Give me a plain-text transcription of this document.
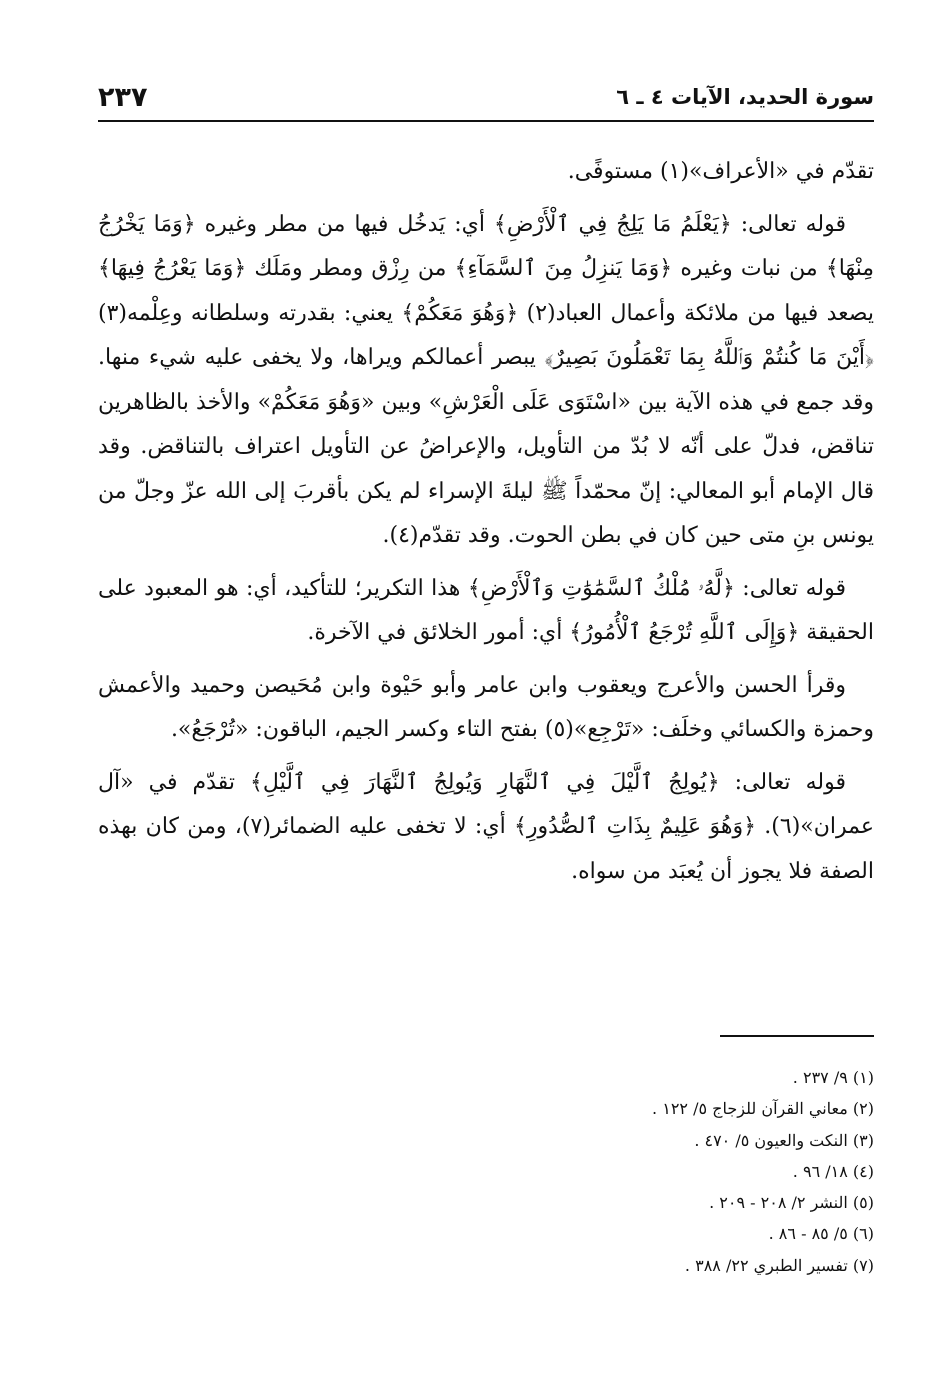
سورة الحديد، الآيات ٤ ـ ٦
٢٣٧

تقدّم في «الأعراف»(١) مستوفًى.

قوله تعالى: ﴿يَعْلَمُ مَا يَلِجُ فِي ٱلْأَرْضِ﴾ أي: يَدخُل فيها من مطر وغيره ﴿وَمَا يَخْرُجُ مِنْهَا﴾ من نبات وغيره ﴿وَمَا يَنزِلُ مِنَ ٱلسَّمَآءِ﴾ من رِزْق ومطر ومَلَك ﴿وَمَا يَعْرُجُ فِيهَا﴾ يصعد فيها من ملائكة وأعمال العباد(٢) ﴿وَهُوَ مَعَكُمْ﴾ يعني: بقدرته وسلطانه وعِلْمه(٣) ﴿أَيْنَ مَا كُنتُمْ وَٱللَّهُ بِمَا تَعْمَلُونَ بَصِيرٌ﴾ يبصر أعمالكم ويراها، ولا يخفى عليه شيء منها. وقد جمع في هذه الآية بين «اسْتَوَى عَلَى الْعَرْشِ» وبين «وَهُوَ مَعَكُمْ» والأخذ بالظاهرين تناقض، فدلّ على أنّه لا بُدّ من التأويل، والإعراضُ عن التأويل اعتراف بالتناقض. وقد قال الإمام أبو المعالي: إنّ محمّداً ﷺ ليلةَ الإسراء لم يكن بأقربَ إلى الله عزّ وجلّ من يونس بنِ متى حين كان في بطن الحوت. وقد تقدّم(٤).

قوله تعالى: ﴿لَّهُۥ مُلْكُ ٱلسَّمَٰوَٰتِ وَٱلْأَرْضِ﴾ هذا التكرير؛ للتأكيد، أي: هو المعبود على الحقيقة ﴿وَإِلَى ٱللَّهِ تُرْجَعُ ٱلْأُمُورُ﴾ أي: أمور الخلائق في الآخرة.

وقرأ الحسن والأعرج ويعقوب وابن عامر وأبو حَيْوة وابن مُحَيصن وحميد والأعمش وحمزة والكسائي وخلَف: «تَرْجِع»(٥) بفتح التاء وكسر الجيم، الباقون: «تُرْجَعُ».

قوله تعالى: ﴿يُولِجُ ٱلَّيْلَ فِي ٱلنَّهَارِ وَيُولِجُ ٱلنَّهَارَ فِي ٱلَّيْلِ﴾ تقدّم في «آل عمران»(٦). ﴿وَهُوَ عَلِيمٌ بِذَاتِ ٱلصُّدُورِ﴾ أي: لا تخفى عليه الضمائر(٧)، ومن كان بهذه الصفة فلا يجوز أن يُعبَد من سواه.

(١) ٩/ ٢٣٧ .
(٢) معاني القرآن للزجاج ٥/ ١٢٢ .
(٣) النكت والعيون ٥/ ٤٧٠ .
(٤) ١٨/ ٩٦ .
(٥) النشر ٢/ ٢٠٨ - ٢٠٩ .
(٦) ٥/ ٨٥ - ٨٦ .
(٧) تفسير الطبري ٢٢/ ٣٨٨ .
